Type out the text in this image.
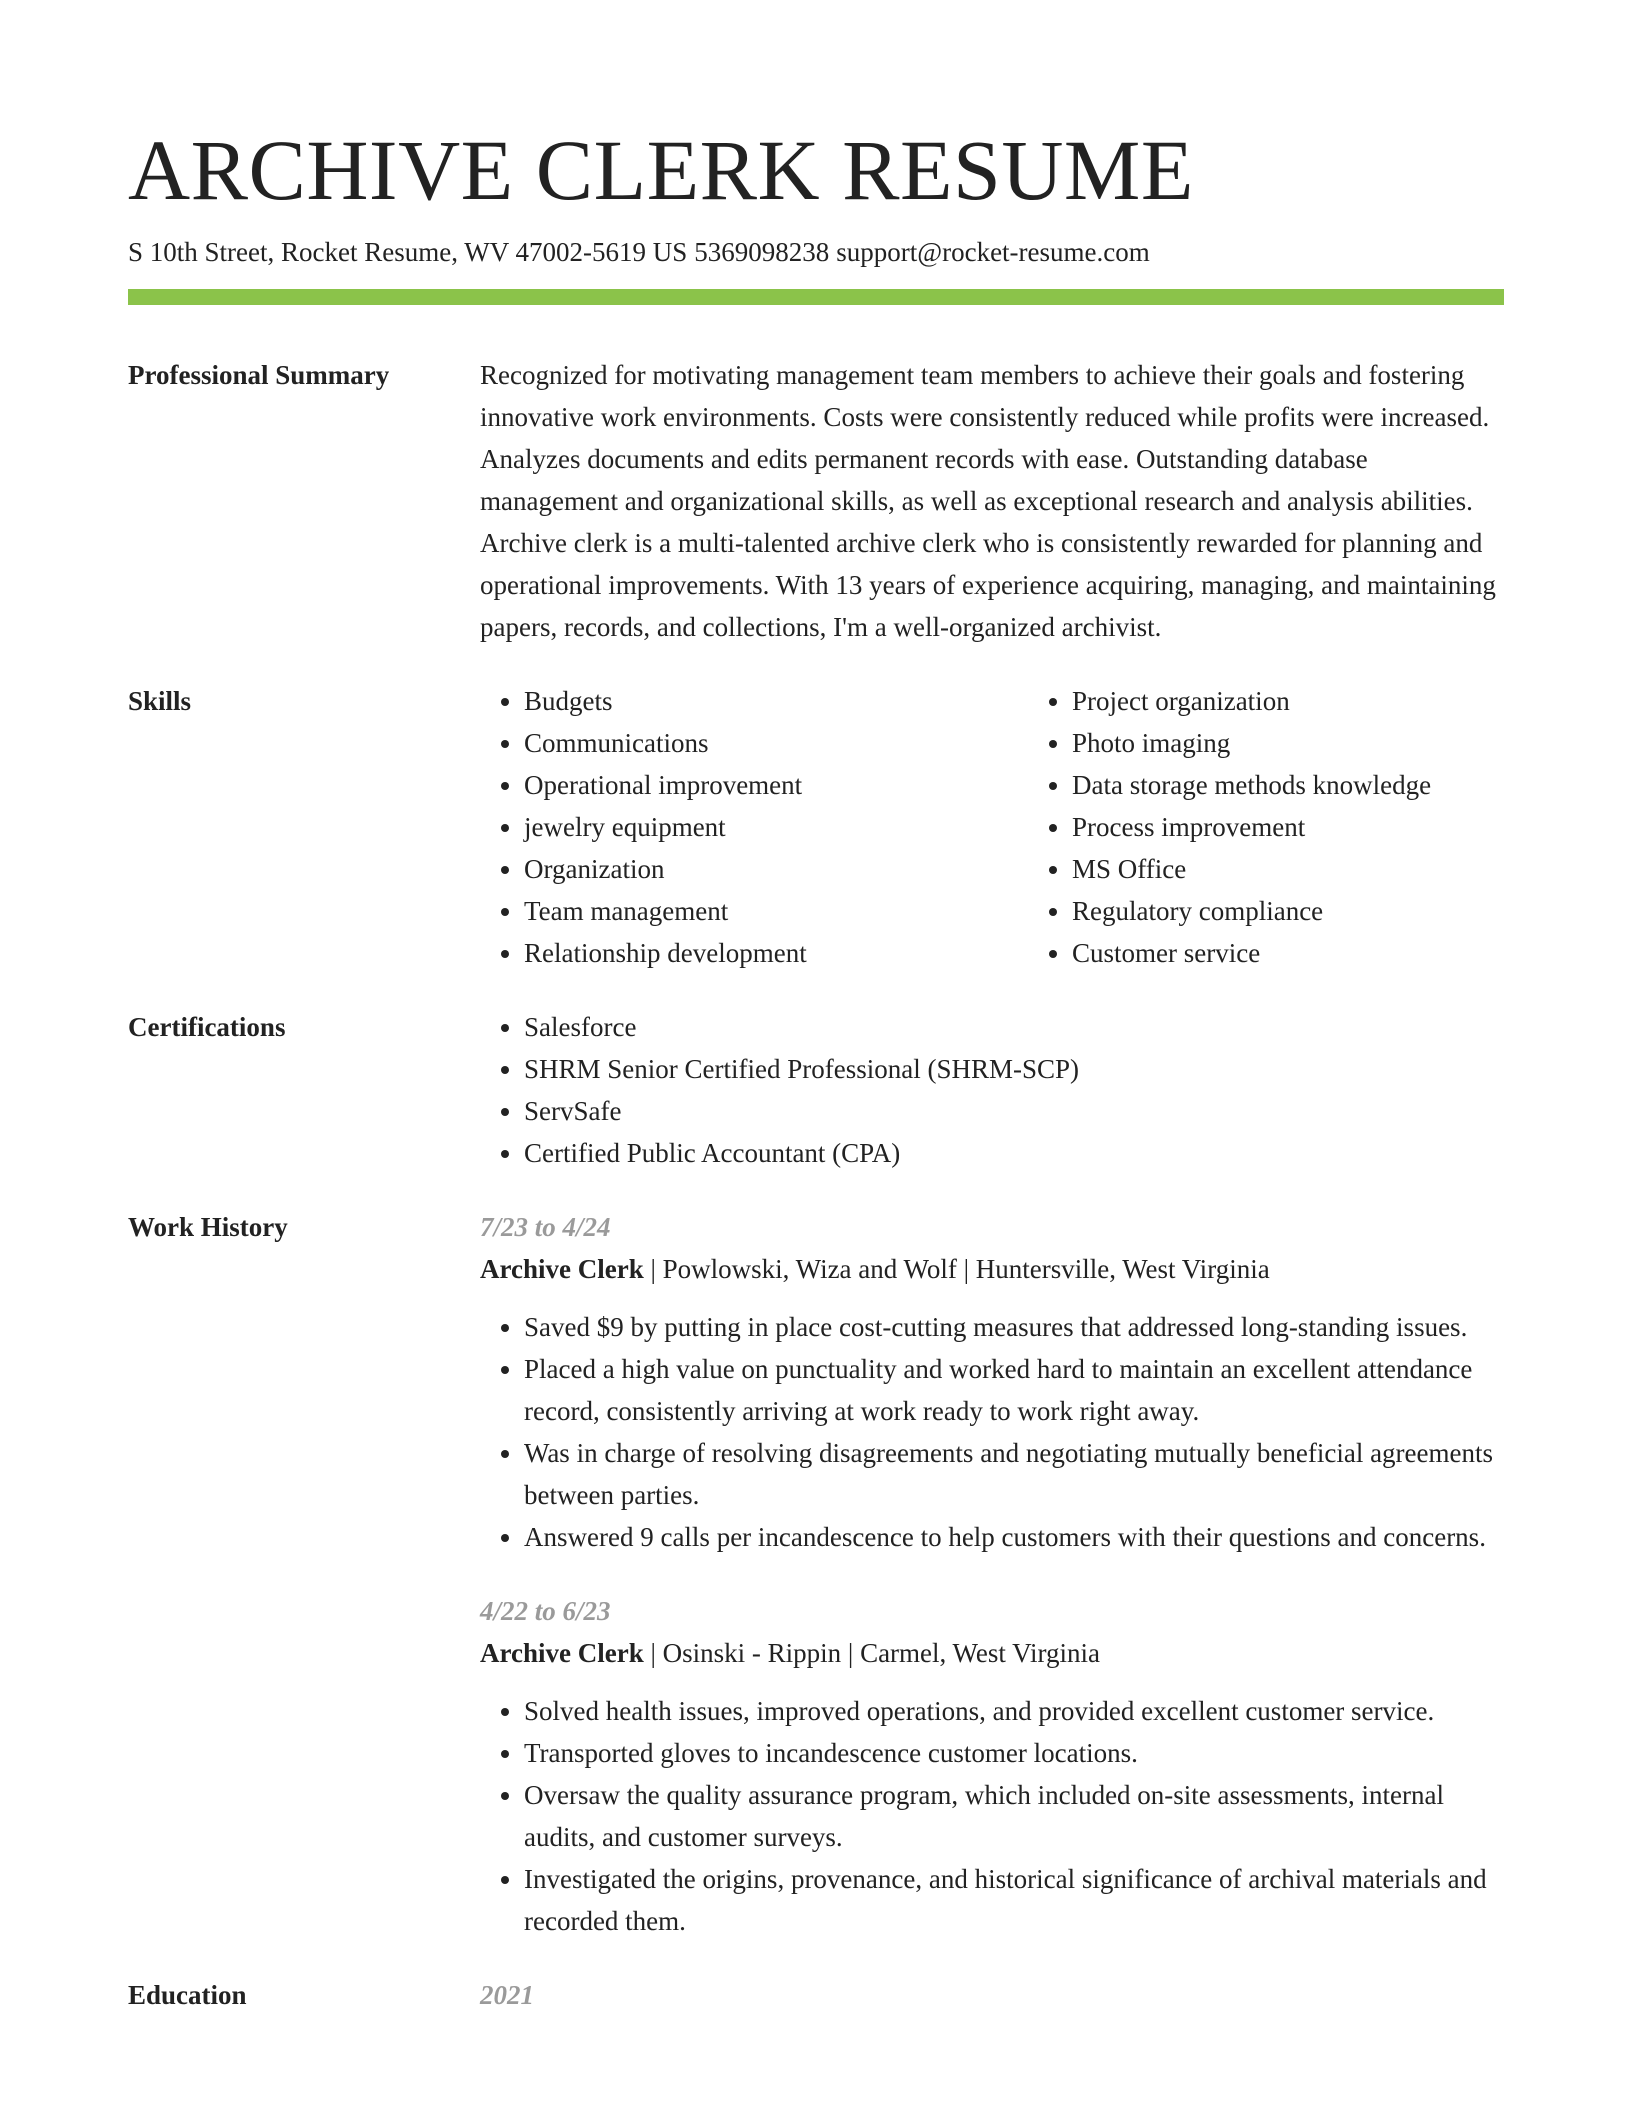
ARCHIVE CLERK RESUME
S 10th Street, Rocket Resume, WV 47002-5619 US 5369098238 support@rocket-resume.com
Professional Summary	Recognized for motivating management team members to achieve their goals and fostering innovative work environments. Costs were consistently reduced while profits were increased. Analyzes documents and edits permanent records with ease. Outstanding database management and organizational skills, as well as exceptional research and analysis abilities. Archive clerk is a multi-talented archive clerk who is consistently rewarded for planning and operational improvements. With 13 years of experience acquiring, managing, and maintaining papers, records, and collections, I'm a well-organized archivist.

Skills	• Budgets
• Communications
• Operational improvement
• jewelry equipment
• Organization
• Team management
• Relationship development
• Project organization
• Photo imaging
• Data storage methods knowledge
• Process improvement
• MS Office
• Regulatory compliance
• Customer service
Certifications	• Salesforce
• SHRM Senior Certified Professional (SHRM-SCP)
• ServSafe
• Certified Public Accountant (CPA)
Work History	7/23 to 4/24
Archive Clerk | Powlowski, Wiza and Wolf | Huntersville, West Virginia
• Saved $9 by putting in place cost-cutting measures that addressed long-standing issues.
• Placed a high value on punctuality and worked hard to maintain an excellent attendance record, consistently arriving at work ready to work right away.
• Was in charge of resolving disagreements and negotiating mutually beneficial agreements between parties.
• Answered 9 calls per incandescence to help customers with their questions and concerns.
4/22 to 6/23
Archive Clerk | Osinski - Rippin | Carmel, West Virginia
• Solved health issues, improved operations, and provided excellent customer service.
• Transported gloves to incandescence customer locations.
• Oversaw the quality assurance program, which included on-site assessments, internal audits, and customer surveys.
• Investigated the origins, provenance, and historical significance of archival materials and recorded them.
Education	2021
